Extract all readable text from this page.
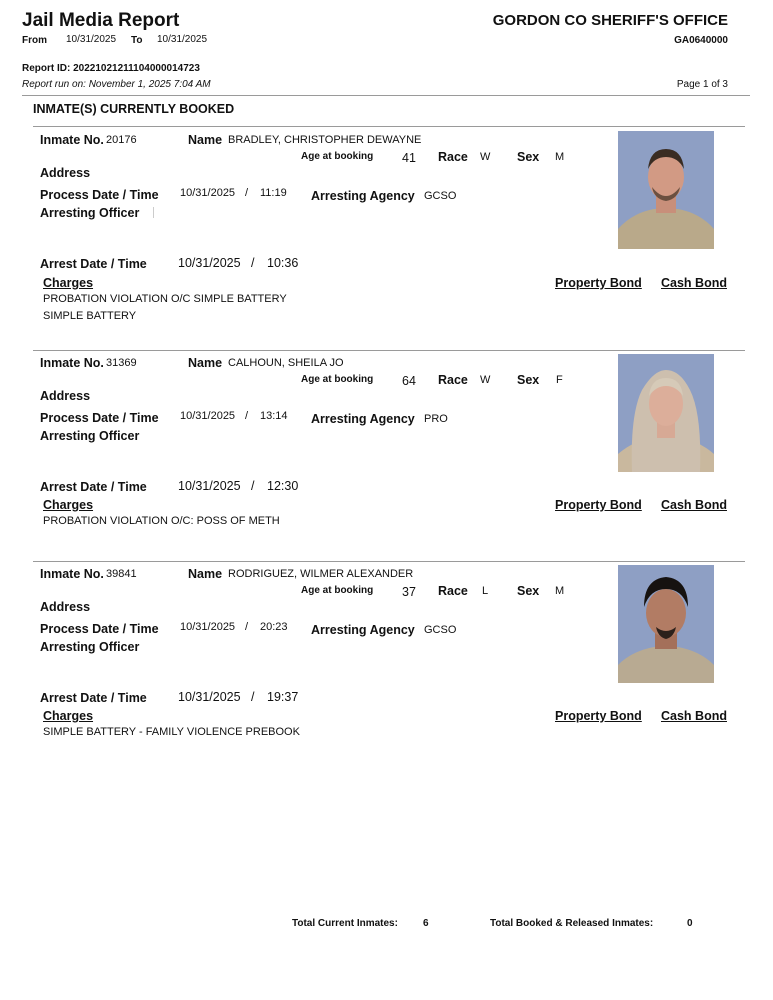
Jail Media Report
From 10/31/2025 To 10/31/2025
GORDON CO SHERIFF'S OFFICE
GA0640000
Report ID: 20221021211104000014723
Report run on: November 1, 2025 7:04 AM	Page 1 of 3
INMATE(S) CURRENTLY BOOKED
Inmate No. 20176	Name BRADLEY, CHRISTOPHER DEWAYNE
Age at booking 41 Race W Sex M
Address
Process Date / Time 10/31/2025 / 11:19 Arresting Agency GCSO
Arresting Officer
Arrest Date / Time 10/31/2025 / 10:36
Charges	Property Bond Cash Bond
PROBATION VIOLATION O/C SIMPLE BATTERY
SIMPLE BATTERY
Inmate No. 31369	Name CALHOUN, SHEILA JO
Age at booking 64 Race W Sex F
Address
Process Date / Time 10/31/2025 / 13:14 Arresting Agency PRO
Arresting Officer
Arrest Date / Time 10/31/2025 / 12:30
Charges	Property Bond Cash Bond
PROBATION VIOLATION O/C: POSS OF METH
Inmate No. 39841	Name RODRIGUEZ, WILMER ALEXANDER
Age at booking 37 Race L Sex M
Address
Process Date / Time 10/31/2025 / 20:23 Arresting Agency GCSO
Arresting Officer
Arrest Date / Time 10/31/2025 / 19:37
Charges	Property Bond Cash Bond
SIMPLE BATTERY - FAMILY VIOLENCE PREBOOK
Total Current Inmates:	6	Total Booked & Released Inmates:	0
